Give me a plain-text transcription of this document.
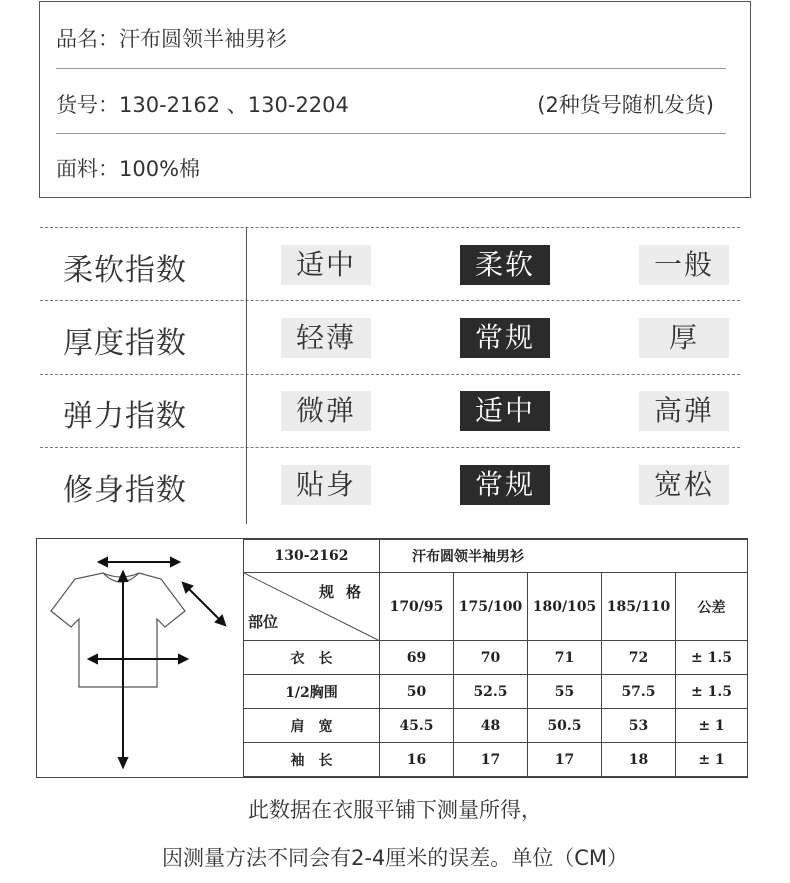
品名：汗布圆领半袖男衫
货号：130-2162 、130-2204	(2种货号随机发货)
面料：100%棉
柔软指数	适中	柔软	一般
厚度指数	轻薄	常规	厚
弹力指数	微弹	适中	高弹
修身指数	贴身	常规	宽松
130-2162	汗布圆领半袖男衫				

规格
部位	170/95	175/100	180/105	185/110	公差
衣长	69	70	71	72	± 1.5
1/2胸围	50	52.5	55	57.5	± 1.5
肩宽	45.5	48	50.5	53	± 1
袖长	16	17	17	18	± 1
此数据在衣服平铺下测量所得，
因测量方法不同会有2-4厘米的误差。单位（CM）
